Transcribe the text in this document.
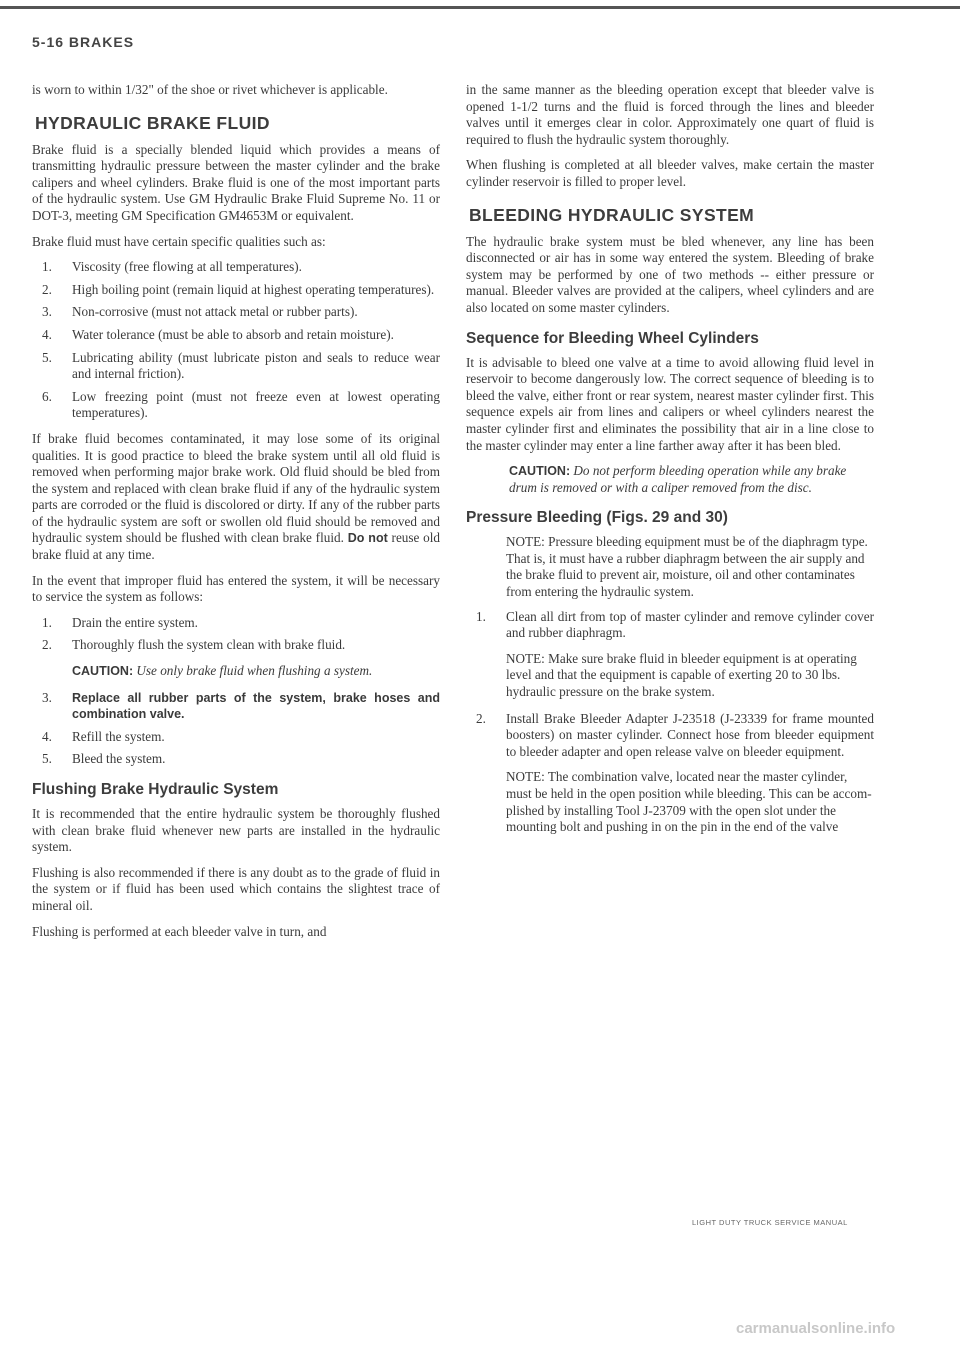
5-16 BRAKES

is worn to within 1/32" of the shoe or rivet whichever is applicable.

HYDRAULIC BRAKE FLUID

Brake fluid is a specially blended liquid which provides a means of transmitting hydraulic pressure between the master cylinder and the brake calipers and wheel cylinders. Brake fluid is one of the most important parts of the hydraulic system. Use GM Hydraulic Brake Fluid Supreme No. 11 or DOT-3, meeting GM Specification GM4653M or equivalent.

Brake fluid must have certain specific qualities such as:

1. Viscosity (free flowing at all temperatures).
2. High boiling point (remain liquid at highest operating temperatures).
3. Non-corrosive (must not attack metal or rubber parts).
4. Water tolerance (must be able to absorb and retain moisture).
5. Lubricating ability (must lubricate piston and seals to reduce wear and internal friction).
6. Low freezing point (must not freeze even at lowest operating temperatures).

If brake fluid becomes contaminated, it may lose some of its original qualities. It is good practice to bleed the brake system until all old fluid is removed when performing major brake work. Old fluid should be bled from the system and replaced with clean brake fluid if any of the hydraulic system parts are corroded or the fluid is discolored or dirty. If any of the rubber parts of the hydraulic system are soft or swollen old fluid should be removed and hydraulic system should be flushed with clean brake fluid. Do not reuse old brake fluid at any time.

In the event that improper fluid has entered the system, it will be necessary to service the system as follows:

1. Drain the entire system.
2. Thoroughly flush the system clean with brake fluid.
CAUTION: Use only brake fluid when flushing a system.
3. Replace all rubber parts of the system, brake hoses and combination valve.
4. Refill the system.
5. Bleed the system.
Flushing Brake Hydraulic System

It is recommended that the entire hydraulic system be thoroughly flushed with clean brake fluid whenever new parts are installed in the hydraulic system.

Flushing is also recommended if there is any doubt as to the grade of fluid in the system or if fluid has been used which contains the slightest trace of mineral oil.

Flushing is performed at each bleeder valve in turn, and

in the same manner as the bleeding operation except that bleeder valve is opened 1-1/2 turns and the fluid is forced through the lines and bleeder valves until it emerges clear in color. Approximately one quart of fluid is required to flush the hydraulic system thoroughly.

When flushing is completed at all bleeder valves, make certain the master cylinder reservoir is filled to proper level.

BLEEDING HYDRAULIC SYSTEM

The hydraulic brake system must be bled whenever, any line has been disconnected or air has in some way entered the system. Bleeding of brake system may be performed by one of two methods -- either pressure or manual. Bleeder valves are provided at the calipers, wheel cylinders and are also located on some master cylinders.

Sequence for Bleeding Wheel Cylinders

It is advisable to bleed one valve at a time to avoid allowing fluid level in reservoir to become dangerously low. The correct sequence of bleeding is to bleed the valve, either front or rear system, nearest master cylinder first. This sequence expels air from lines and calipers or wheel cylinders nearest the master cylinder first and eliminates the possibility that air in a line close to the master cylinder may enter a line farther away after it has been bled.

CAUTION: Do not perform bleeding operation while any brake drum is removed or with a caliper removed from the disc.
Pressure Bleeding (Figs. 29 and 30)
NOTE: Pressure bleeding equipment must be of the diaphragm type. That is, it must have a rubber diaphragm between the air supply and the brake fluid to prevent air, moisture, oil and other contaminates from entering the hydraulic system.
1. Clean all dirt from top of master cylinder and remove cylinder cover and rubber diaphragm.
NOTE: Make sure brake fluid in bleeder equipment is at operating level and that the equipment is capable of exerting 20 to 30 lbs. hydraulic pressure on the brake system.
2. Install Brake Bleeder Adapter J-23518 (J-23339 for frame mounted boosters) on master cylinder. Connect hose from bleeder equipment to bleeder adapter and open release valve on bleeder equipment.
NOTE: The combination valve, located near the master cylinder, must be held in the open position while bleeding. This can be accom-plished by installing Tool J-23709 with the open slot under the mounting bolt and pushing in on the pin in the end of the valve
LIGHT DUTY TRUCK SERVICE MANUAL
carmanualsonline.info
